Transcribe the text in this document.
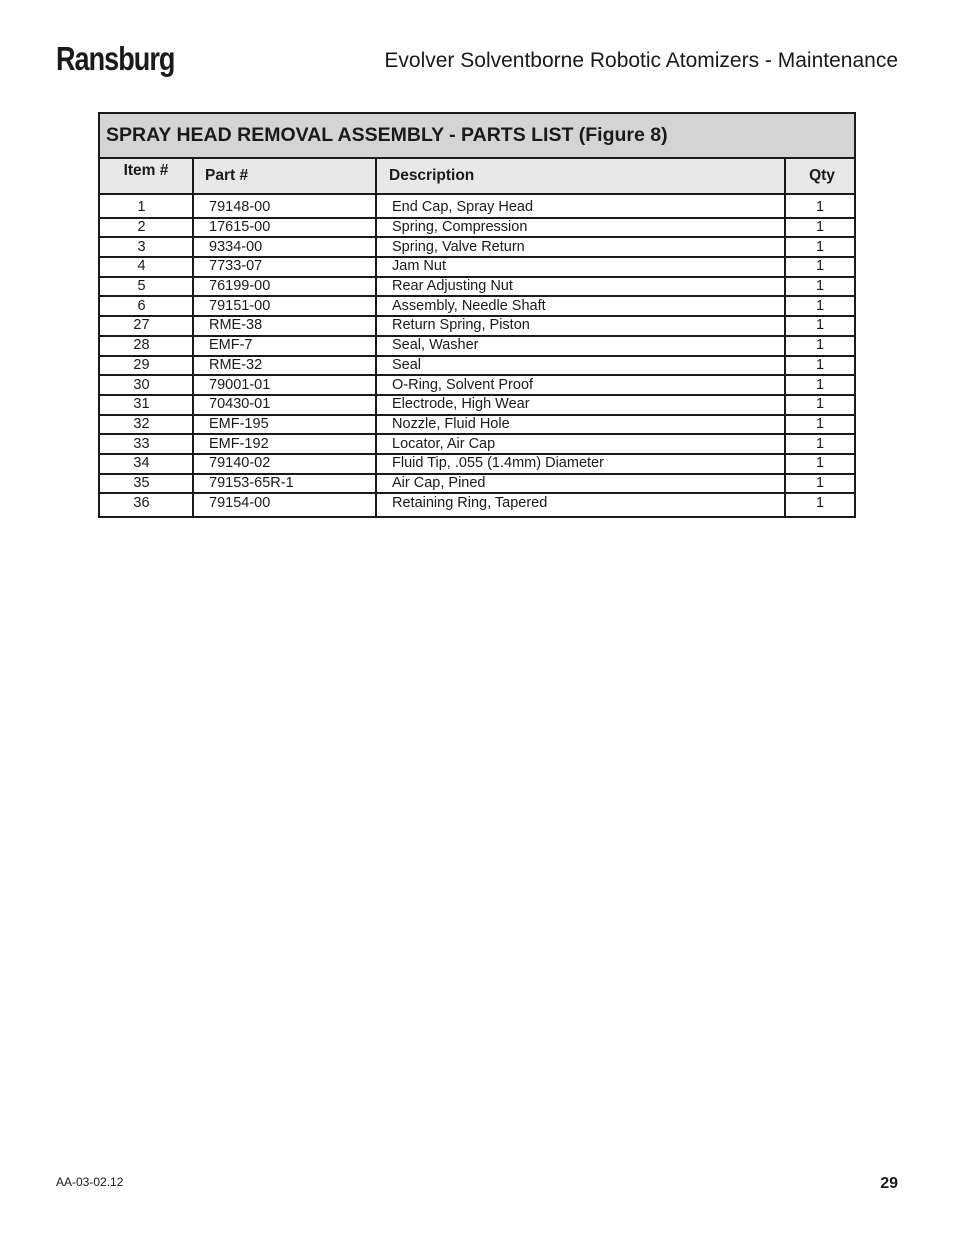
Ransburg	Evolver Solventborne Robotic Atomizers - Maintenance
SPRAY HEAD REMOVAL ASSEMBLY - PARTS LIST (Figure 8)			
Item #	Part #	Description	Qty
1	79148-00	End Cap, Spray Head	1
2	17615-00	Spring, Compression	1
3	9334-00	Spring, Valve Return	1
4	7733-07	Jam Nut	1
5	76199-00	Rear Adjusting Nut	1
6	79151-00	Assembly, Needle Shaft	1
27	RME-38	Return Spring, Piston	1
28	EMF-7	Seal, Washer	1
29	RME-32	Seal	1
30	79001-01	O-Ring, Solvent Proof	1
31	70430-01	Electrode, High Wear	1
32	EMF-195	Nozzle, Fluid Hole	1
33	EMF-192	Locator, Air Cap	1
34	79140-02	Fluid Tip, .055 (1.4mm) Diameter	1
35	79153-65R-1	Air Cap, Pined	1
36	79154-00	Retaining Ring, Tapered	1
AA-03-02.12	29
